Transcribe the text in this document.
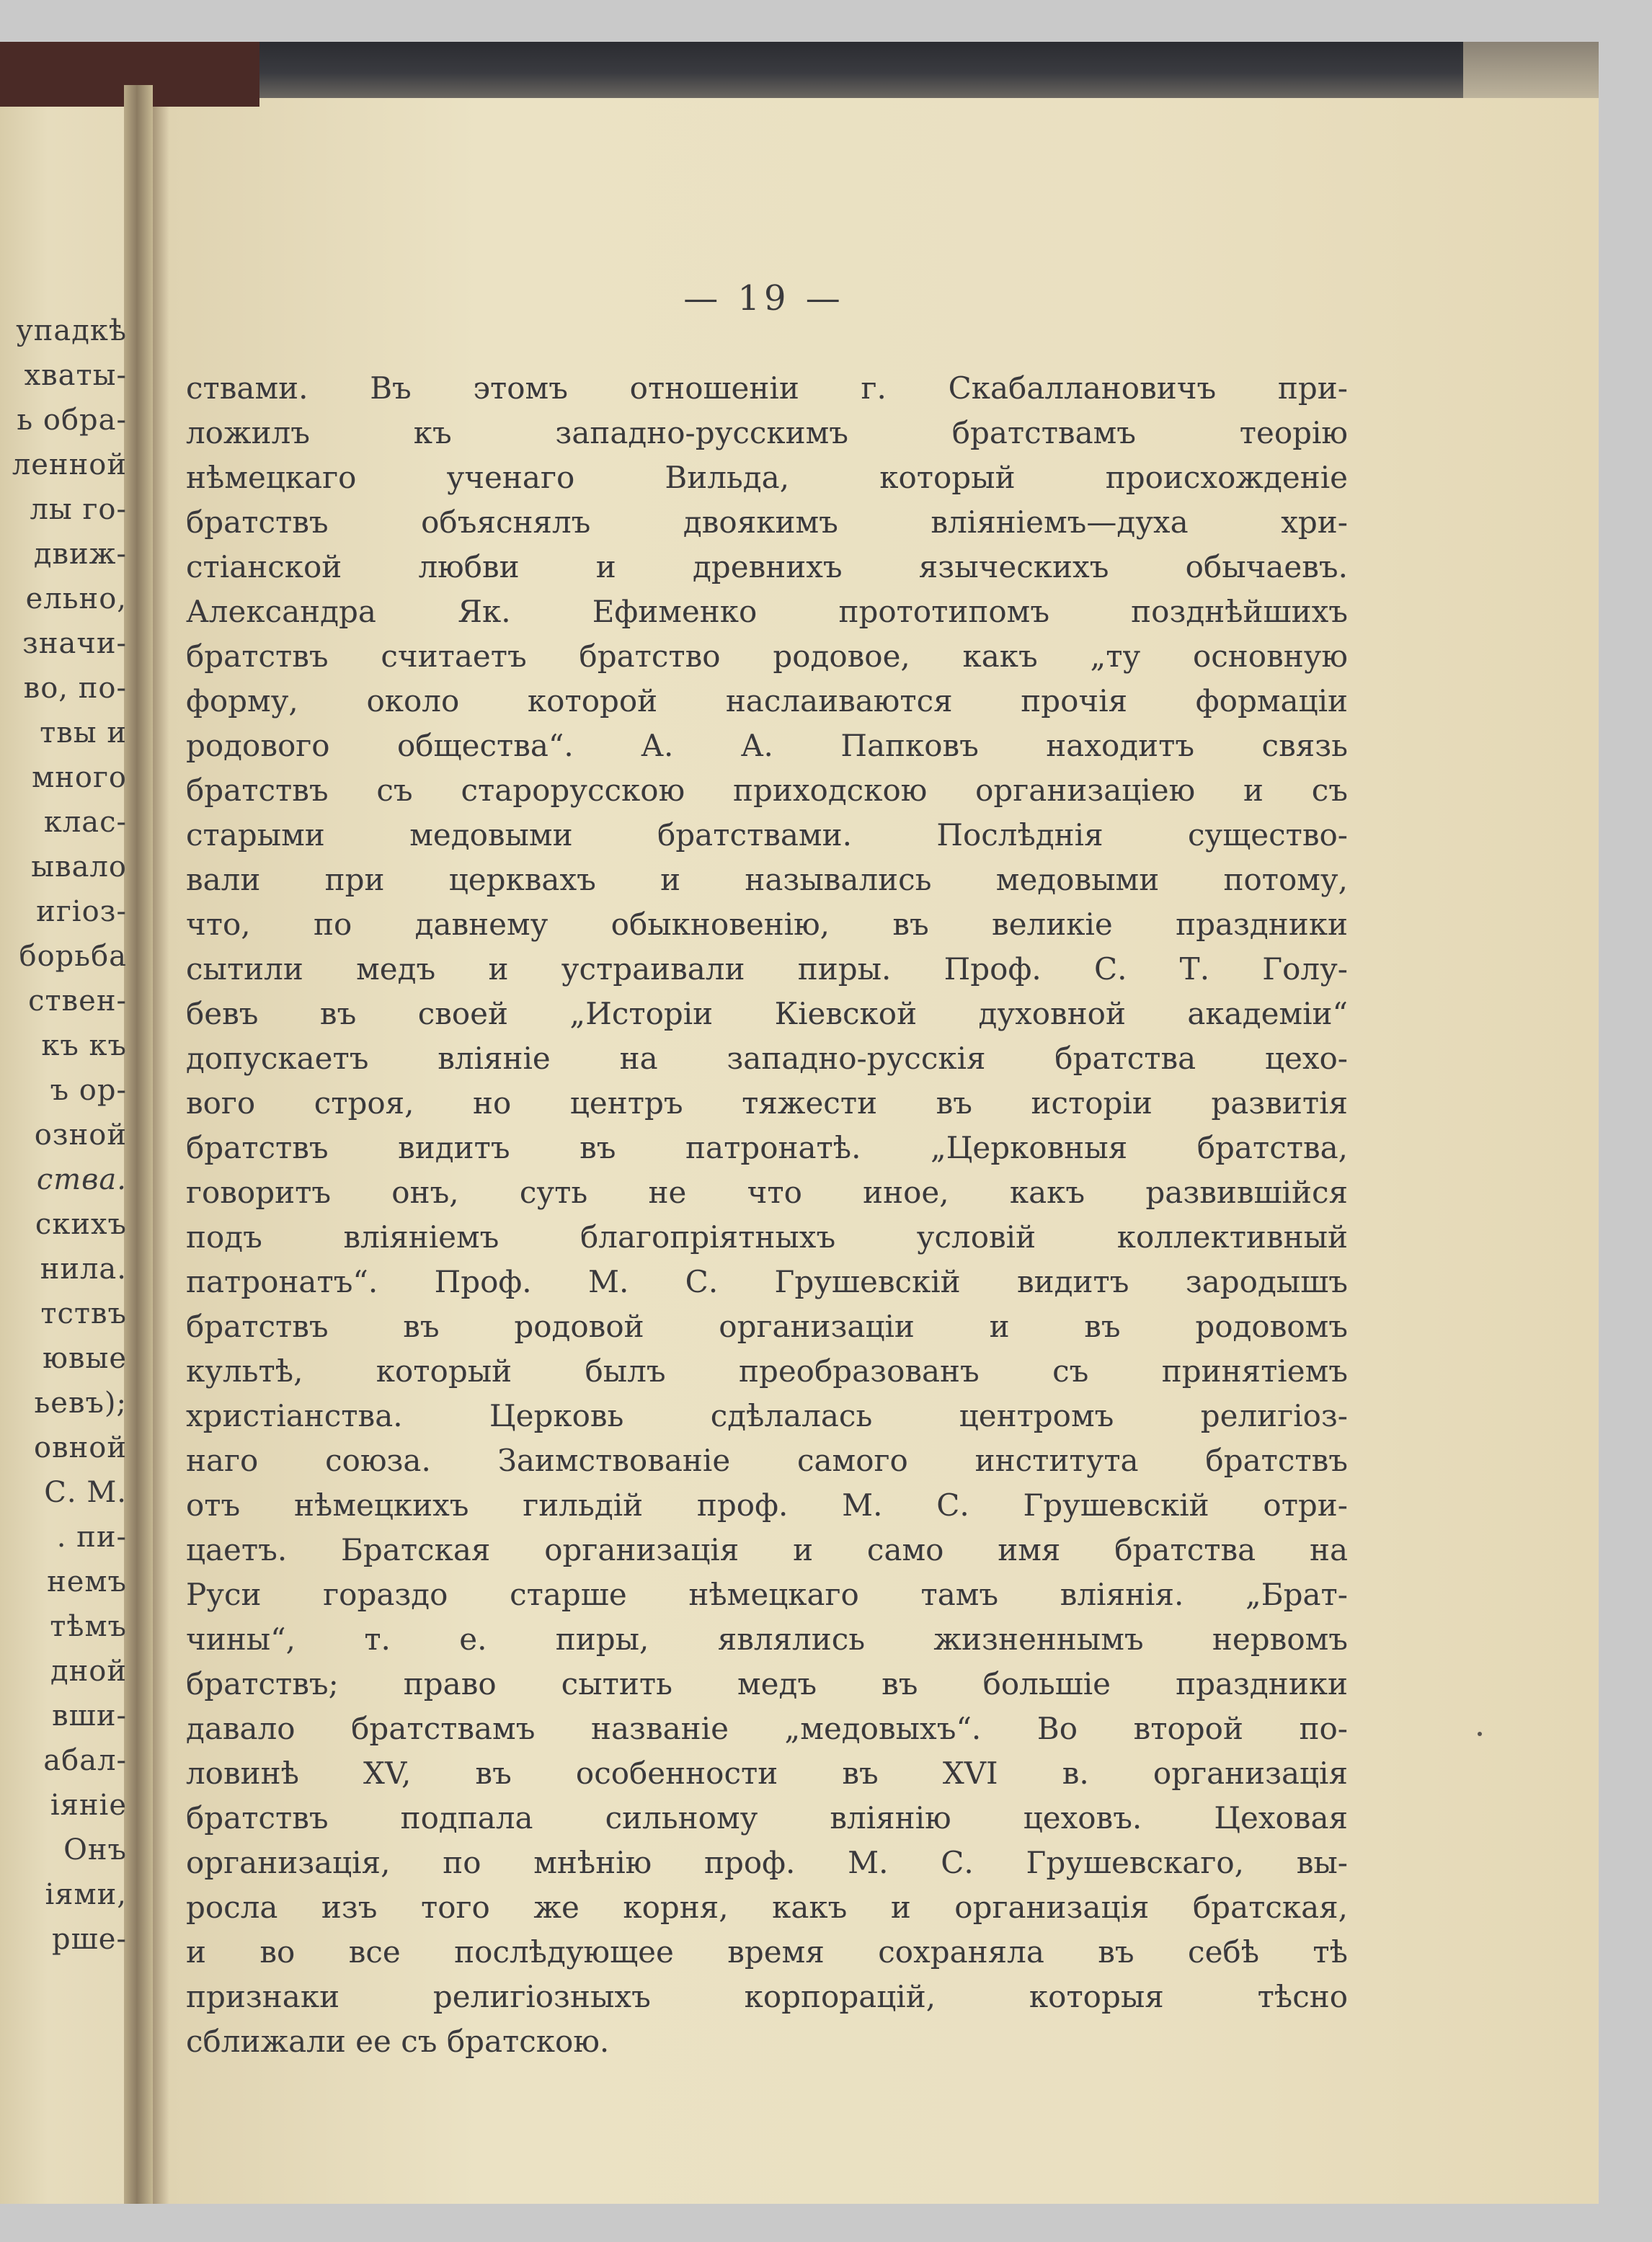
упадкѣ
хваты-
ь обра-
ленной
лы го-
движ-
ельно,
значи-
во, по-
твы и
много
клас-
ывало
игіоз-
борьба
ствен-
къ къ
ъ ор-
озной
ства.
скихъ
нила.
тствъ
ювые
ьевъ);
овной
С. М.
. пи-
немъ
тѣмъ
дной
вши-
абал-
іяніе
Онъ
іями,
рше-
— 19 —
ствами. Въ этомъ отношеніи г. Скабаллановичъ при-
ложилъ къ западно-русскимъ братствамъ теорію
нѣмецкаго ученаго Вильда, который происхожденіе
братствъ объяснялъ двоякимъ вліяніемъ—духа хри-
стіанской любви и древнихъ языческихъ обычаевъ.
Александра Як. Ефименко прототипомъ позднѣйшихъ
братствъ считаетъ братство родовое, какъ „ту основную
форму, около которой наслаиваются прочія формаціи
родового общества“. А. А. Папковъ находитъ связь
братствъ съ старорусскою приходскою организаціею и съ
старыми медовыми братствами. Послѣднія существо-
вали при церквахъ и назывались медовыми потому,
что, по давнему обыкновенію, въ великіе праздники
сытили медъ и устраивали пиры. Проф. С. Т. Голу-
бевъ въ своей „Исторіи Кіевской духовной академіи“
допускаетъ вліяніе на западно-русскія братства цехо-
вого строя, но центръ тяжести въ исторіи развитія
братствъ видитъ въ патронатѣ. „Церковныя братства,
говоритъ онъ, суть не что иное, какъ развившійся
подъ вліяніемъ благопріятныхъ условій коллективный
патронатъ“. Проф. М. С. Грушевскій видитъ зародышъ
братствъ въ родовой организаціи и въ родовомъ
культѣ, который былъ преобразованъ съ принятіемъ
христіанства. Церковь сдѣлалась центромъ религіоз-
наго союза. Заимствованіе самого института братствъ
отъ нѣмецкихъ гильдій проф. М. С. Грушевскій отри-
цаетъ. Братская организація и само имя братства на
Руси гораздо старше нѣмецкаго тамъ вліянія. „Брат-
чины“, т. е. пиры, являлись жизненнымъ нервомъ
братствъ; право сытить медъ въ большіе праздники
давало братствамъ названіе „медовыхъ“. Во второй по-
ловинѣ XV, въ особенности въ XVI в. организація
братствъ подпала сильному вліянію цеховъ. Цеховая
организація, по мнѣнію проф. М. С. Грушевскаго, вы-
росла изъ того же корня, какъ и организація братская,
и во все послѣдующее время сохраняла въ себѣ тѣ
признаки религіозныхъ корпорацій, которыя тѣсно
сближали ее съ братскою.
